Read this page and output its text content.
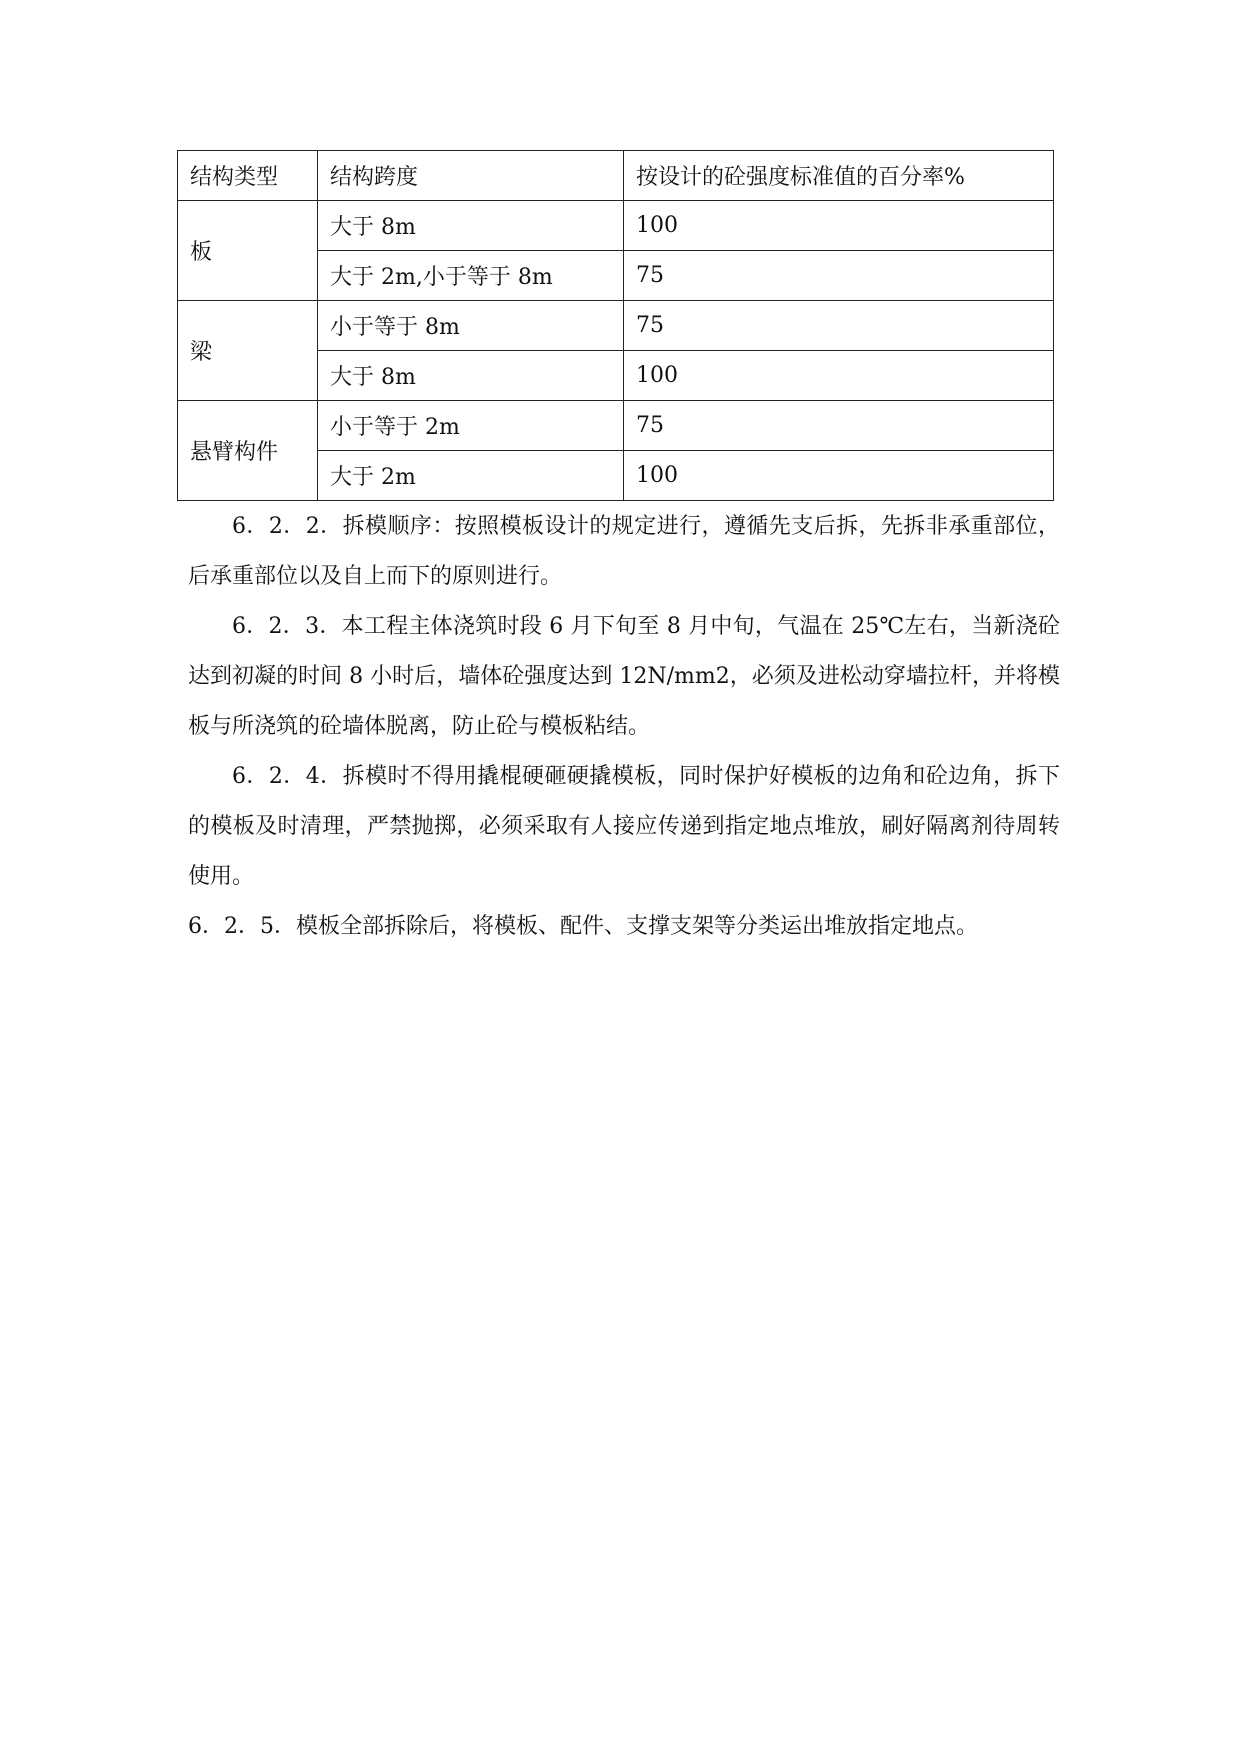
结构类型	结构跨度	按设计的砼强度标准值的百分率%
板	大于 8m	100
	大于 2m,小于等于 8m	75
梁	小于等于 8m	75
	大于 8m	100
悬臂构件	小于等于 2m	75
	大于 2m	100

6．2．2．拆模顺序：按照模板设计的规定进行，遵循先支后拆，先拆非承重部位，后承重部位以及自上而下的原则进行。

6．2．3．本工程主体浇筑时段 6 月下旬至 8 月中旬，气温在 25℃左右，当新浇砼达到初凝的时间 8 小时后，墙体砼强度达到 12N/mm2，必须及进松动穿墙拉杆，并将模板与所浇筑的砼墙体脱离，防止砼与模板粘结。

6．2．4．拆模时不得用撬棍硬砸硬撬模板，同时保护好模板的边角和砼边角，拆下的模板及时清理，严禁抛掷，必须采取有人接应传递到指定地点堆放，刷好隔离剂待周转使用。

6．2．5．模板全部拆除后，将模板、配件、支撑支架等分类运出堆放指定地点。
